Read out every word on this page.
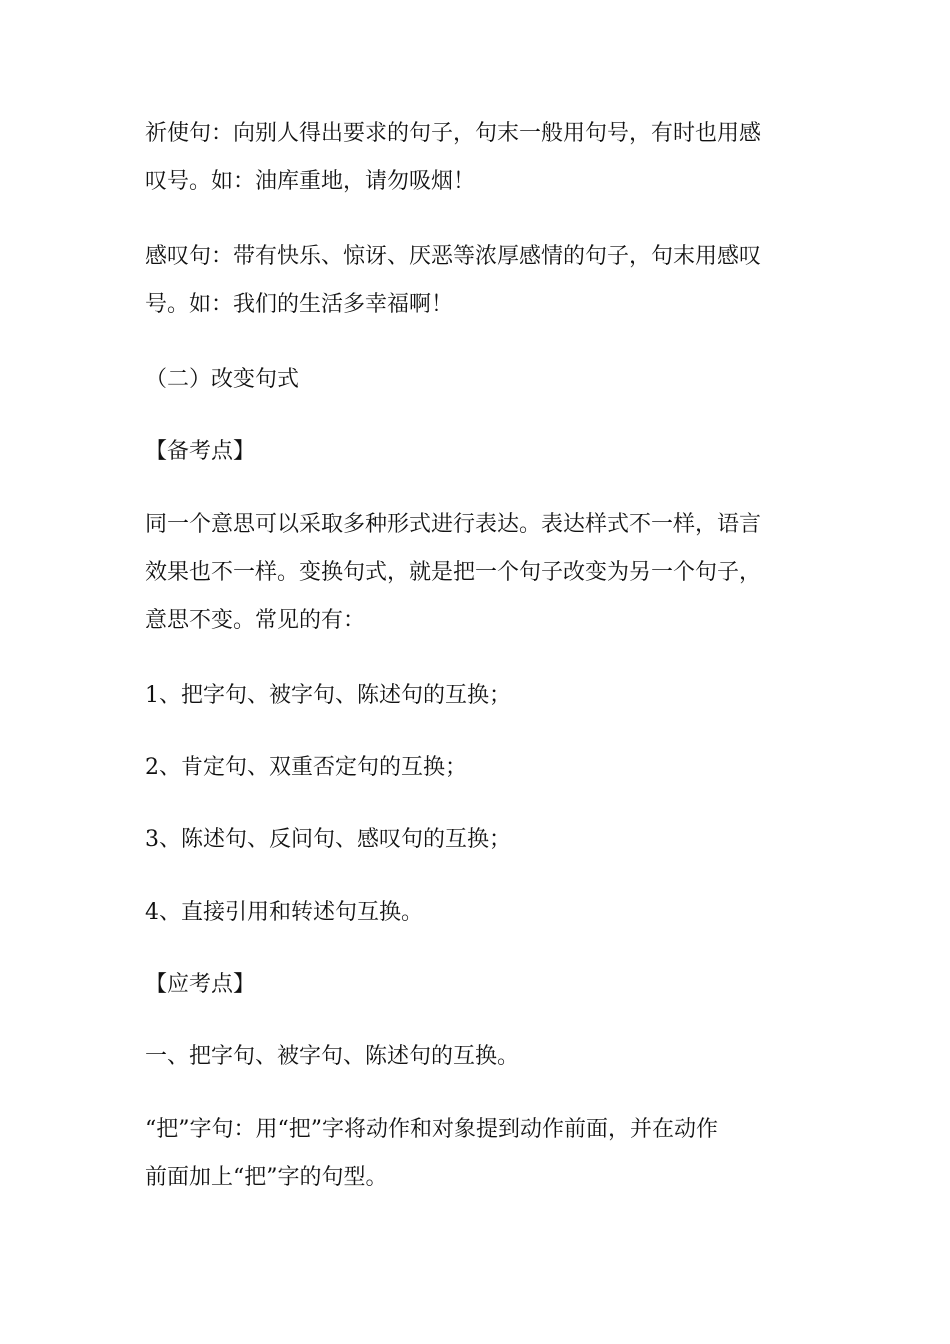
祈使句：向别人得出要求的句子，句末一般用句号，有时也用感
叹号。如：油库重地，请勿吸烟！

感叹句：带有快乐、惊讶、厌恶等浓厚感情的句子，句末用感叹
号。如：我们的生活多幸福啊！

（二）改变句式

【备考点】

同一个意思可以采取多种形式进行表达。表达样式不一样，语言
效果也不一样。变换句式，就是把一个句子改变为另一个句子，
意思不变。常见的有：

1、把字句、被字句、陈述句的互换；

2、肯定句、双重否定句的互换；

3、陈述句、反问句、感叹句的互换；

4、直接引用和转述句互换。

【应考点】

一、把字句、被字句、陈述句的互换。

“把”字句：用“把”字将动作和对象提到动作前面，并在动作
前面加上“把”字的句型。
